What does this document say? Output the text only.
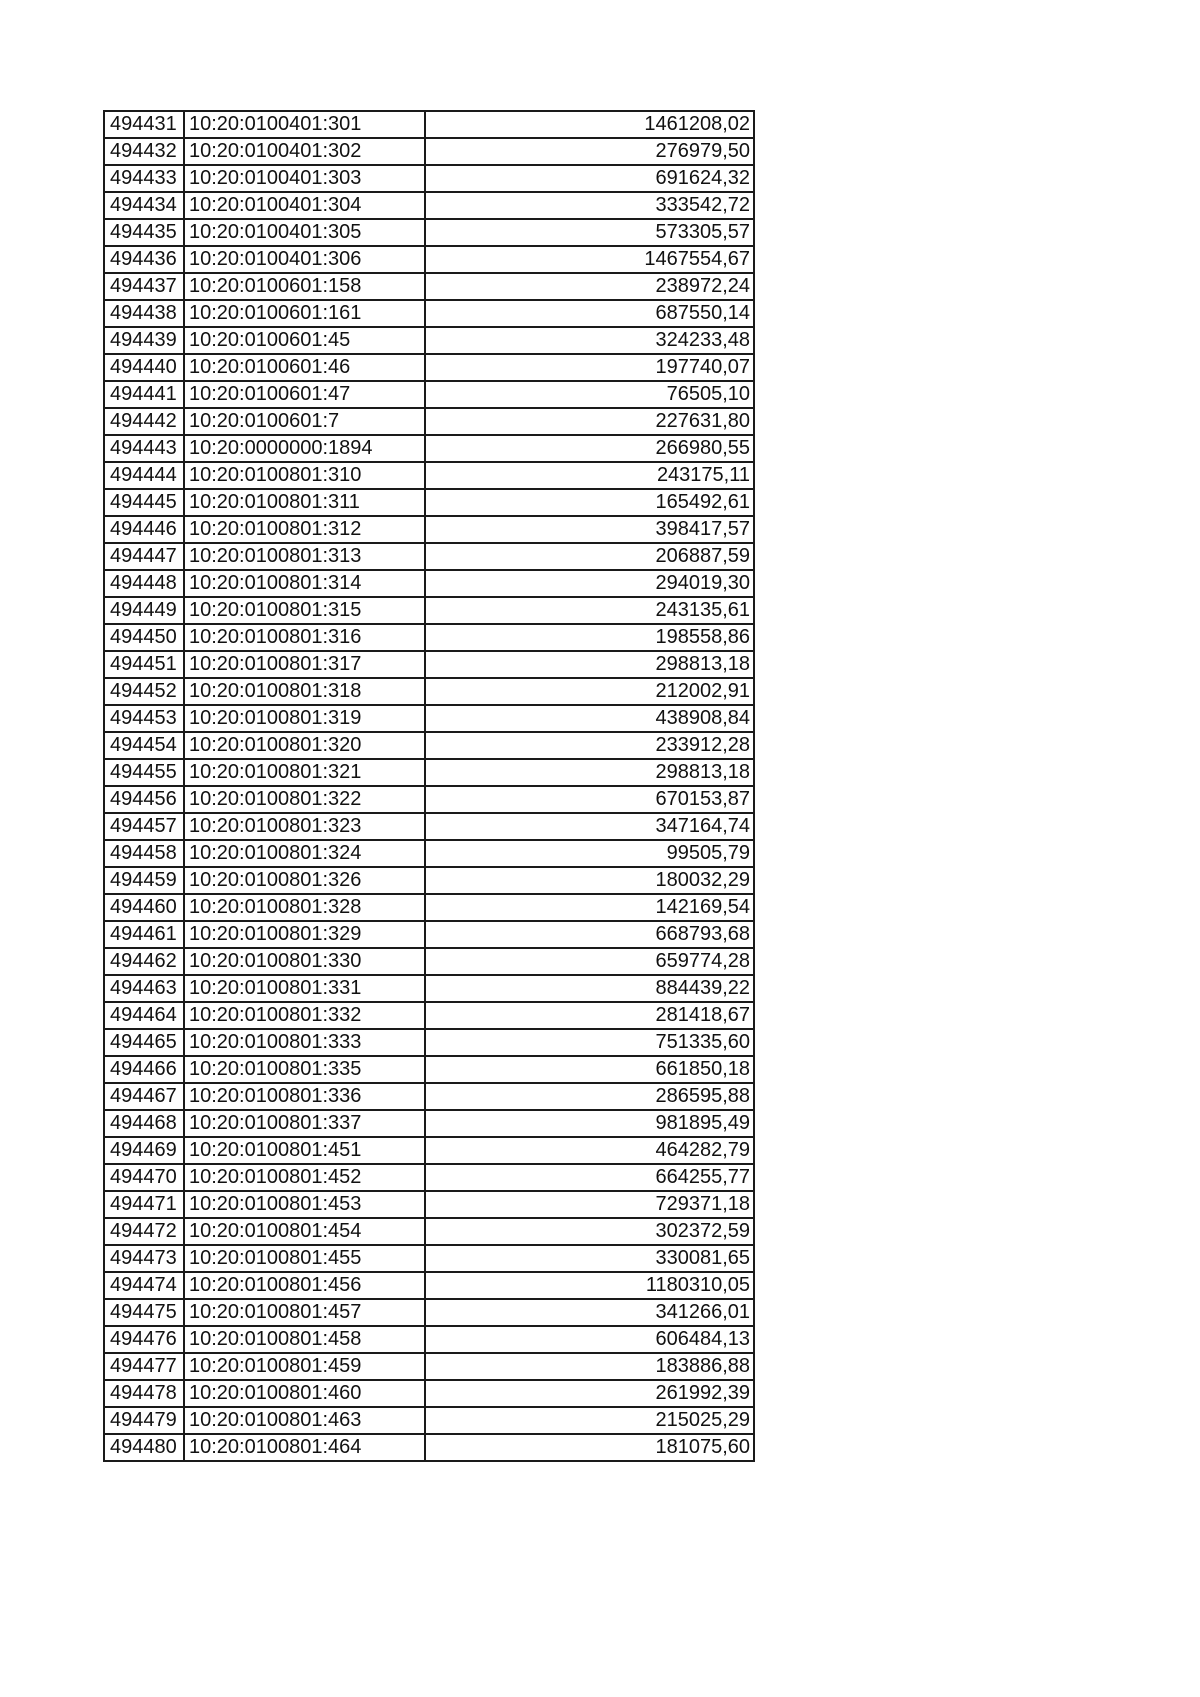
494431	10:20:0100401:301	1461208,02
494432	10:20:0100401:302	276979,50
494433	10:20:0100401:303	691624,32
494434	10:20:0100401:304	333542,72
494435	10:20:0100401:305	573305,57
494436	10:20:0100401:306	1467554,67
494437	10:20:0100601:158	238972,24
494438	10:20:0100601:161	687550,14
494439	10:20:0100601:45	324233,48
494440	10:20:0100601:46	197740,07
494441	10:20:0100601:47	76505,10
494442	10:20:0100601:7	227631,80
494443	10:20:0000000:1894	266980,55
494444	10:20:0100801:310	243175,11
494445	10:20:0100801:311	165492,61
494446	10:20:0100801:312	398417,57
494447	10:20:0100801:313	206887,59
494448	10:20:0100801:314	294019,30
494449	10:20:0100801:315	243135,61
494450	10:20:0100801:316	198558,86
494451	10:20:0100801:317	298813,18
494452	10:20:0100801:318	212002,91
494453	10:20:0100801:319	438908,84
494454	10:20:0100801:320	233912,28
494455	10:20:0100801:321	298813,18
494456	10:20:0100801:322	670153,87
494457	10:20:0100801:323	347164,74
494458	10:20:0100801:324	99505,79
494459	10:20:0100801:326	180032,29
494460	10:20:0100801:328	142169,54
494461	10:20:0100801:329	668793,68
494462	10:20:0100801:330	659774,28
494463	10:20:0100801:331	884439,22
494464	10:20:0100801:332	281418,67
494465	10:20:0100801:333	751335,60
494466	10:20:0100801:335	661850,18
494467	10:20:0100801:336	286595,88
494468	10:20:0100801:337	981895,49
494469	10:20:0100801:451	464282,79
494470	10:20:0100801:452	664255,77
494471	10:20:0100801:453	729371,18
494472	10:20:0100801:454	302372,59
494473	10:20:0100801:455	330081,65
494474	10:20:0100801:456	1180310,05
494475	10:20:0100801:457	341266,01
494476	10:20:0100801:458	606484,13
494477	10:20:0100801:459	183886,88
494478	10:20:0100801:460	261992,39
494479	10:20:0100801:463	215025,29
494480	10:20:0100801:464	181075,60
